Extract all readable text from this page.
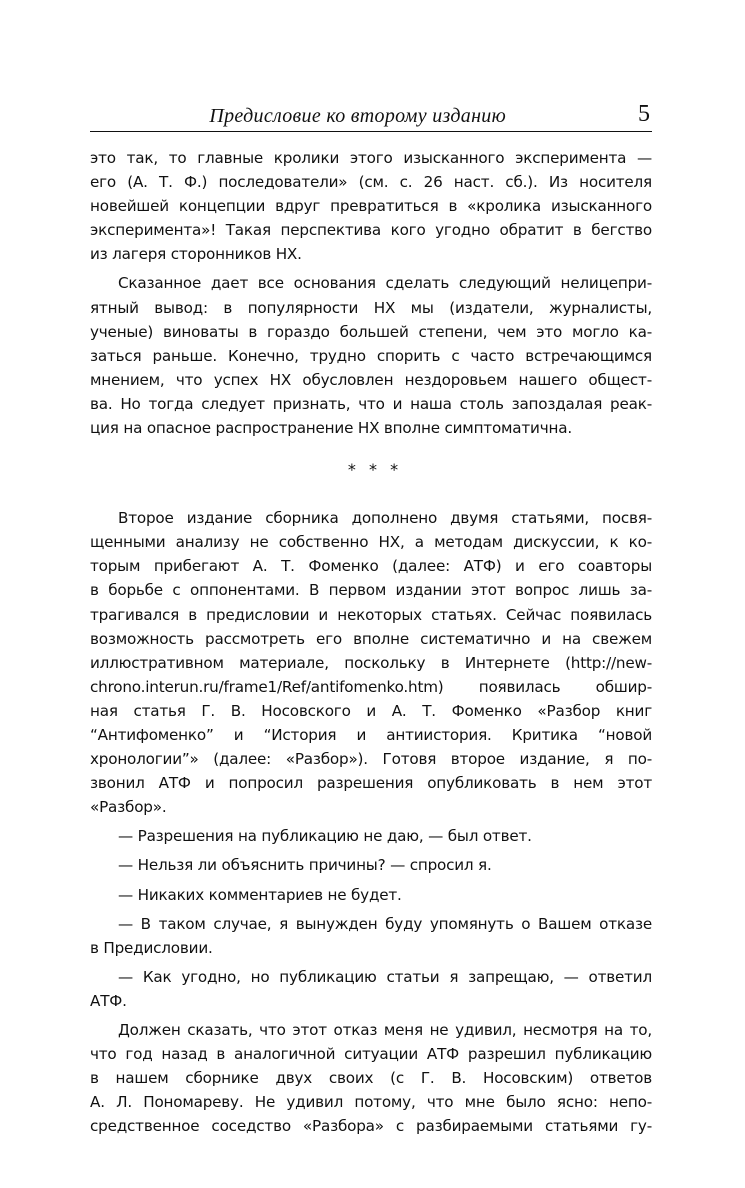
Предисловие ко второму изданию	5
это так, то главные кролики этого изысканного эксперимента —
его (А. Т. Ф.) последователи» (см. с. 26 наст. сб.). Из носителя
новейшей концепции вдруг превратиться в «кролика изысканного
эксперимента»! Такая перспектива кого угодно обратит в бегство
из лагеря сторонников НХ.
Сказанное дает все основания сделать следующий нелицепри-
ятный вывод: в популярности НХ мы (издатели, журналисты,
ученые) виноваты в гораздо большей степени, чем это могло ка-
заться раньше. Конечно, трудно спорить с часто встречающимся
мнением, что успех НХ обусловлен нездоровьем нашего общест-
ва. Но тогда следует признать, что и наша столь запоздалая реак-
ция на опасное распространение НХ вполне симптоматична.
* * *
Второе издание сборника дополнено двумя статьями, посвя-
щенными анализу не собственно НХ, а методам дискуссии, к ко-
торым прибегают А. Т. Фоменко (далее: АТФ) и его соавторы
в борьбе с оппонентами. В первом издании этот вопрос лишь за-
трагивался в предисловии и некоторых статьях. Сейчас появилась
возможность рассмотреть его вполне систематично и на свежем
иллюстративном материале, поскольку в Интернете (http://new-
chrono.interun.ru/frame1/Ref/antifomenko.htm) появилась обшир-
ная статья Г. В. Носовского и А. Т. Фоменко «Разбор книг
“Антифоменко” и “История и антиистория. Критика “новой
хронологии”» (далее: «Разбор»). Готовя второе издание, я по-
звонил АТФ и попросил разрешения опубликовать в нем этот
«Разбор».
— Разрешения на публикацию не даю, — был ответ.
— Нельзя ли объяснить причины? — спросил я.
— Никаких комментариев не будет.
— В таком случае, я вынужден буду упомянуть о Вашем отказе
в Предисловии.
— Как угодно, но публикацию статьи я запрещаю, — ответил
АТФ.
Должен сказать, что этот отказ меня не удивил, несмотря на то,
что год назад в аналогичной ситуации АТФ разрешил публикацию
в нашем сборнике двух своих (с Г. В. Носовским) ответов
А. Л. Пономареву. Не удивил потому, что мне было ясно: непо-
средственное соседство «Разбора» с разбираемыми статьями гу-
